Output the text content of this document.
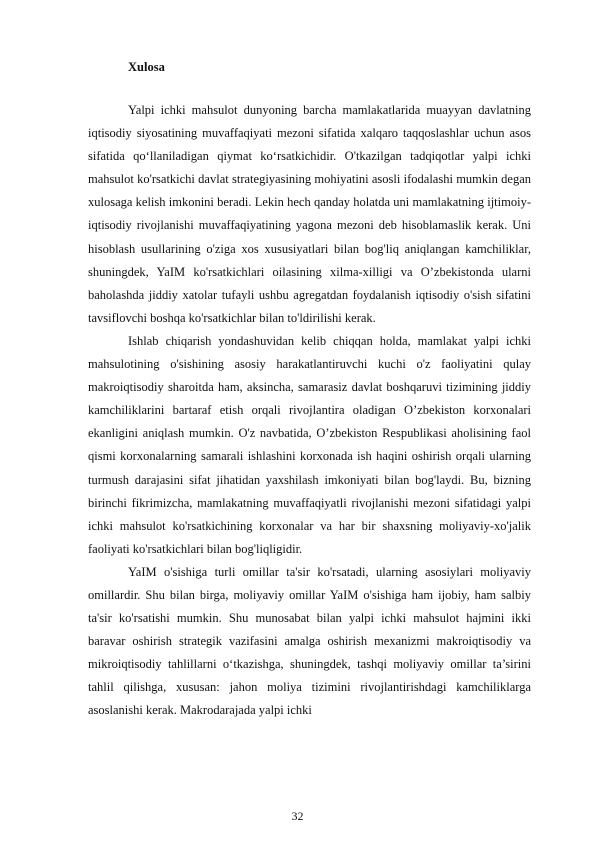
Xulosa

Yalpi ichki mahsulot dunyoning barcha mamlakatlarida muayyan davlatning iqtisodiy siyosatining muvaffaqiyati mezoni sifatida xalqaro taqqoslashlar uchun asos sifatida qo‘llaniladigan qiymat ko‘rsatkichidir. O'tkazilgan tadqiqotlar yalpi ichki mahsulot ko'rsatkichi davlat strategiyasining mohiyatini asosli ifodalashi mumkin degan xulosaga kelish imkonini beradi. Lekin hech qanday holatda uni mamlakatning ijtimoiy-iqtisodiy rivojlanishi muvaffaqiyatining yagona mezoni deb hisoblamaslik kerak. Uni hisoblash usullarining o'ziga xos xususiyatlari bilan bog'liq aniqlangan kamchiliklar, shuningdek, YaIM ko'rsatkichlari oilasining xilma-xilligi va O’zbekistonda ularni baholashda jiddiy xatolar tufayli ushbu agregatdan foydalanish iqtisodiy o'sish sifatini tavsiflovchi boshqa ko'rsatkichlar bilan to'ldirilishi kerak.

Ishlab chiqarish yondashuvidan kelib chiqqan holda, mamlakat yalpi ichki mahsulotining o'sishining asosiy harakatlantiruvchi kuchi o'z faoliyatini qulay makroiqtisodiy sharoitda ham, aksincha, samarasiz davlat boshqaruvi tizimining jiddiy kamchiliklarini bartaraf etish orqali rivojlantira oladigan O’zbekiston korxonalari ekanligini aniqlash mumkin. O'z navbatida, O’zbekiston Respublikasi aholisining faol qismi korxonalarning samarali ishlashini korxonada ish haqini oshirish orqali ularning turmush darajasini sifat jihatidan yaxshilash imkoniyati bilan bog'laydi. Bu, bizning birinchi fikrimizcha, mamlakatning muvaffaqiyatli rivojlanishi mezoni sifatidagi yalpi ichki mahsulot ko'rsatkichining korxonalar va har bir shaxsning moliyaviy-xo'jalik faoliyati ko'rsatkichlari bilan bog'liqligidir.

YaIM o'sishiga turli omillar ta'sir ko'rsatadi, ularning asosiylari moliyaviy omillardir. Shu bilan birga, moliyaviy omillar YaIM o'sishiga ham ijobiy, ham salbiy ta'sir ko'rsatishi mumkin. Shu munosabat bilan yalpi ichki mahsulot hajmini ikki baravar oshirish strategik vazifasini amalga oshirish mexanizmi makroiqtisodiy va mikroiqtisodiy tahlillarni o‘tkazishga, shuningdek, tashqi moliyaviy omillar ta’sirini tahlil qilishga, xususan: jahon moliya tizimini rivojlantirishdagi kamchiliklarga asoslanishi kerak. Makrodarajada yalpi ichki

32
